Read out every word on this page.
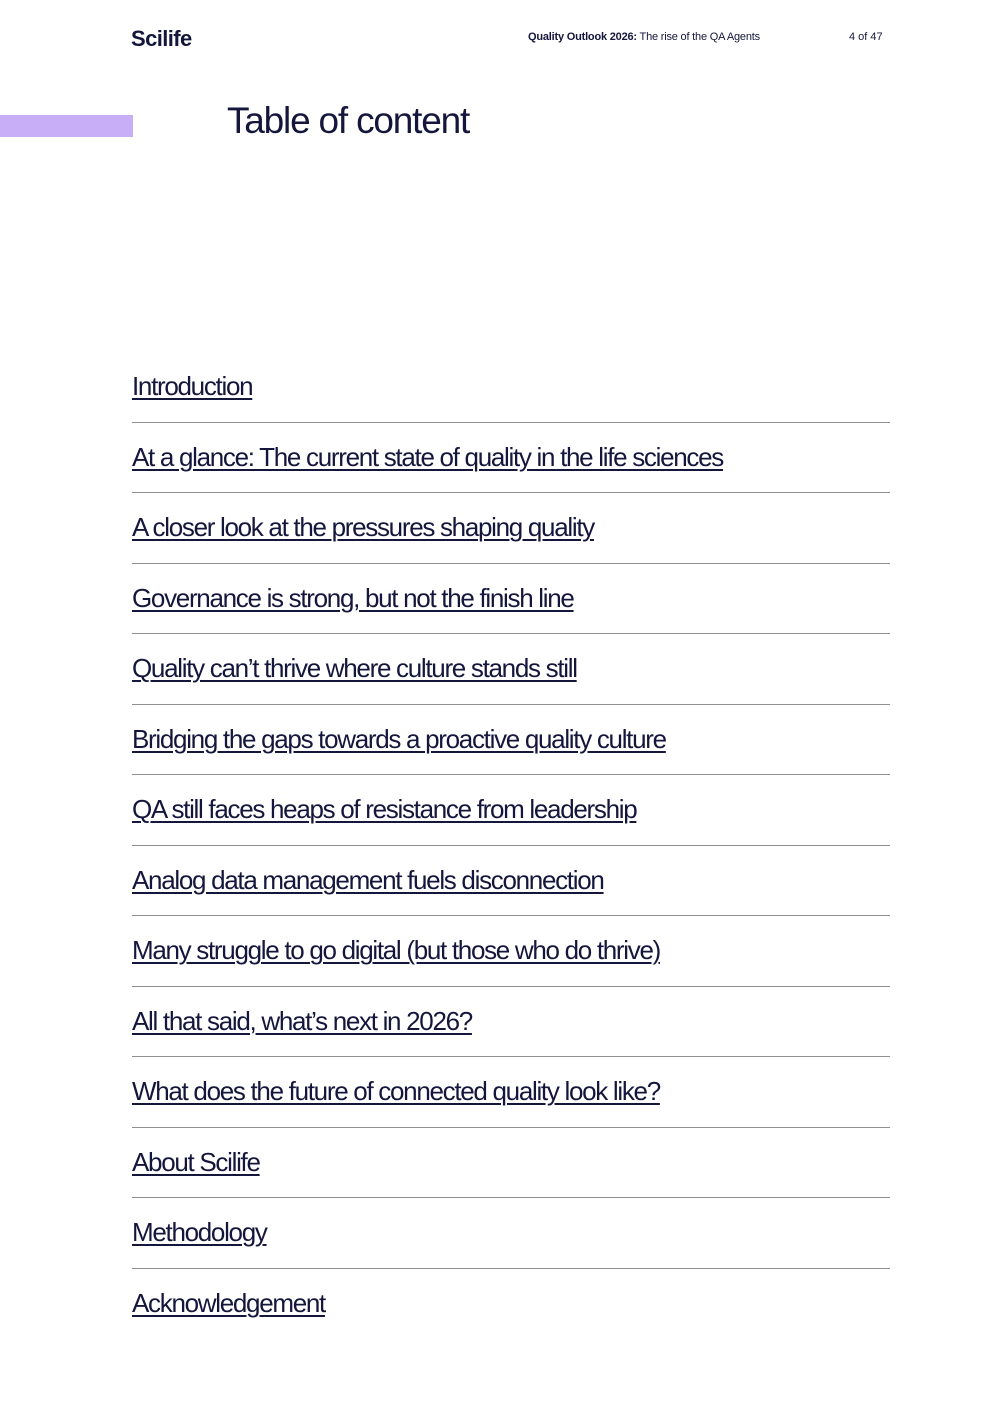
Scilife	Quality Outlook 2026: The rise of the QA Agents	4 of 47
Table of content
Introduction
At a glance: The current state of quality in the life sciences
A closer look at the pressures shaping quality
Governance is strong, but not the finish line
Quality can’t thrive where culture stands still
Bridging the gaps towards a proactive quality culture
QA still faces heaps of resistance from leadership
Analog data management fuels disconnection
Many struggle to go digital (but those who do thrive)
All that said, what’s next in 2026?
What does the future of connected quality look like?
About Scilife
Methodology
Acknowledgement
